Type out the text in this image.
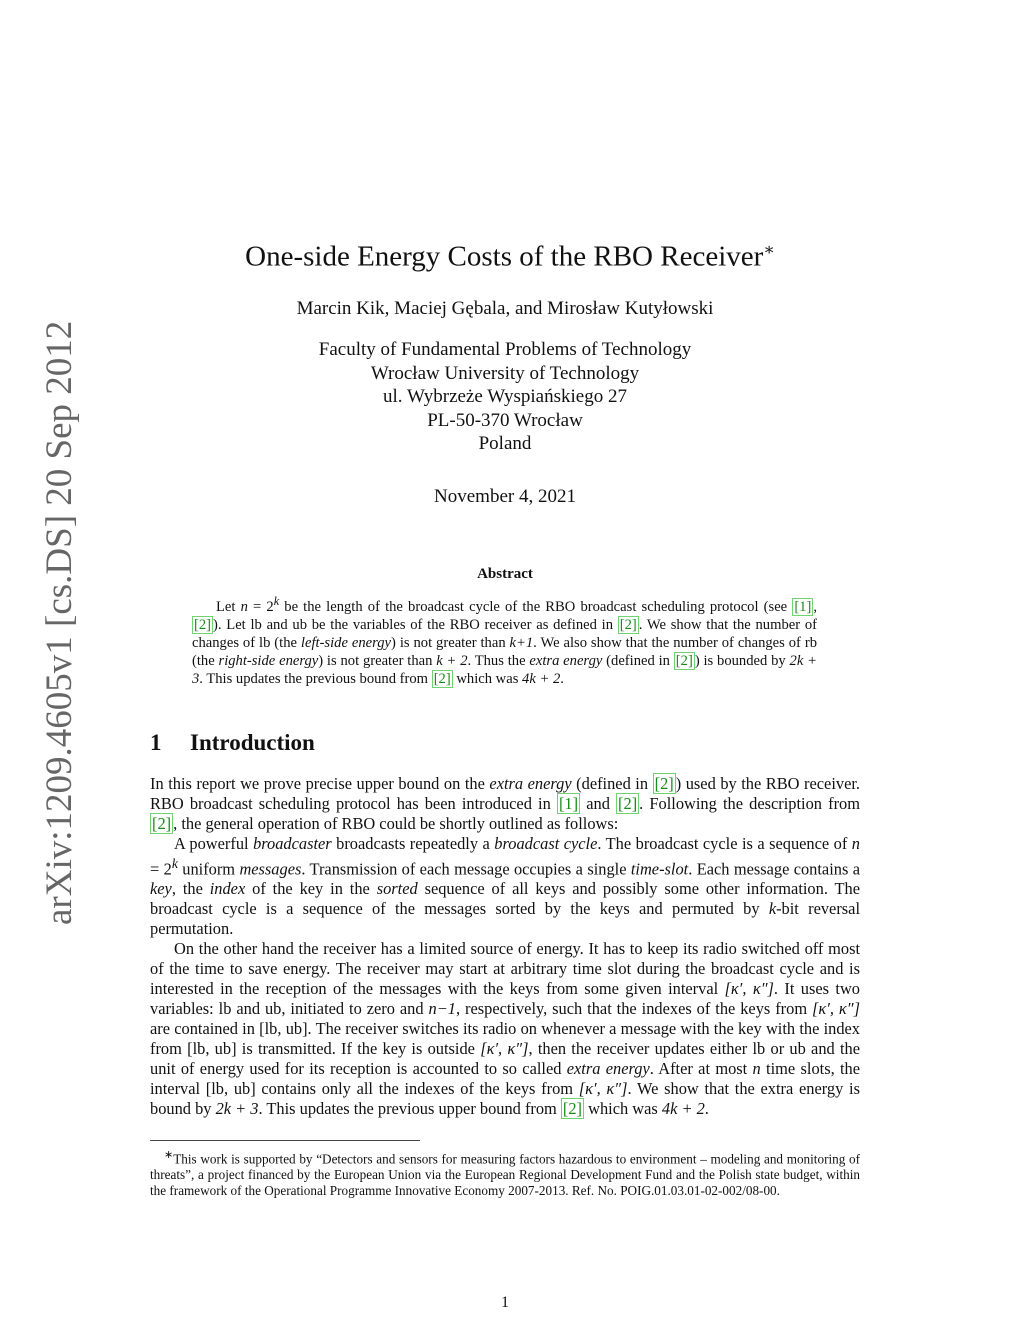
arXiv:1209.4605v1 [cs.DS] 20 Sep 2012
One-side Energy Costs of the RBO Receiver∗
Marcin Kik, Maciej Gębala, and Mirosław Kutyłowski
Faculty of Fundamental Problems of Technology
Wrocław University of Technology
ul. Wybrzeże Wyspiańskiego 27
PL-50-370 Wrocław
Poland
November 4, 2021
Abstract
Let $n = 2^k$ be the length of the broadcast cycle of the RBO broadcast scheduling protocol (see [1] , [2] ). Let lb and ub be the variables of the RBO receiver as defined in [2] . We show that the number of changes of lb (the left-side energy) is not greater than k+1. We also show that the number of changes of rb (the right-side energy) is not greater than k + 2. Thus the extra energy (defined in [2] ) is bounded by 2k + 3. This updates the previous bound from [2] which was 4k + 2.
1 Introduction

In this report we prove precise upper bound on the extra energy (defined in [2] ) used by the RBO receiver. RBO broadcast scheduling protocol has been introduced in [1] and [2] . Following the description from [2] , the general operation of RBO could be shortly outlined as follows:

A powerful broadcaster broadcasts repeatedly a broadcast cycle. The broadcast cycle is a sequence of $n = 2^k$ uniform messages. Transmission of each message occupies a single time-slot. Each message contains a key, the index of the key in the sorted sequence of all keys and possibly some other information. The broadcast cycle is a sequence of the messages sorted by the keys and permuted by k-bit reversal permutation.

On the other hand the receiver has a limited source of energy. It has to keep its radio switched off most of the time to save energy. The receiver may start at arbitrary time slot during the broadcast cycle and is interested in the reception of the messages with the keys from some given interval [κ′, κ″]. It uses two variables: lb and ub, initiated to zero and n−1, respectively, such that the indexes of the keys from [κ′, κ″] are contained in [lb, ub]. The receiver switches its radio on whenever a message with the key with the index from [lb, ub] is transmitted. If the key is outside [κ′, κ″], then the receiver updates either lb or ub and the unit of energy used for its reception is accounted to so called extra energy. After at most n time slots, the interval [lb, ub] contains only all the indexes of the keys from [κ′, κ″]. We show that the extra energy is bound by 2k + 3. This updates the previous upper bound from [2] which was 4k + 2.

∗This work is supported by “Detectors and sensors for measuring factors hazardous to environment – modeling and monitoring of threats”, a project financed by the European Union via the European Regional Development Fund and the Polish state budget, within the framework of the Operational Programme Innovative Economy 2007-2013. Ref. No. POIG.01.03.01-02-002/08-00.
1
